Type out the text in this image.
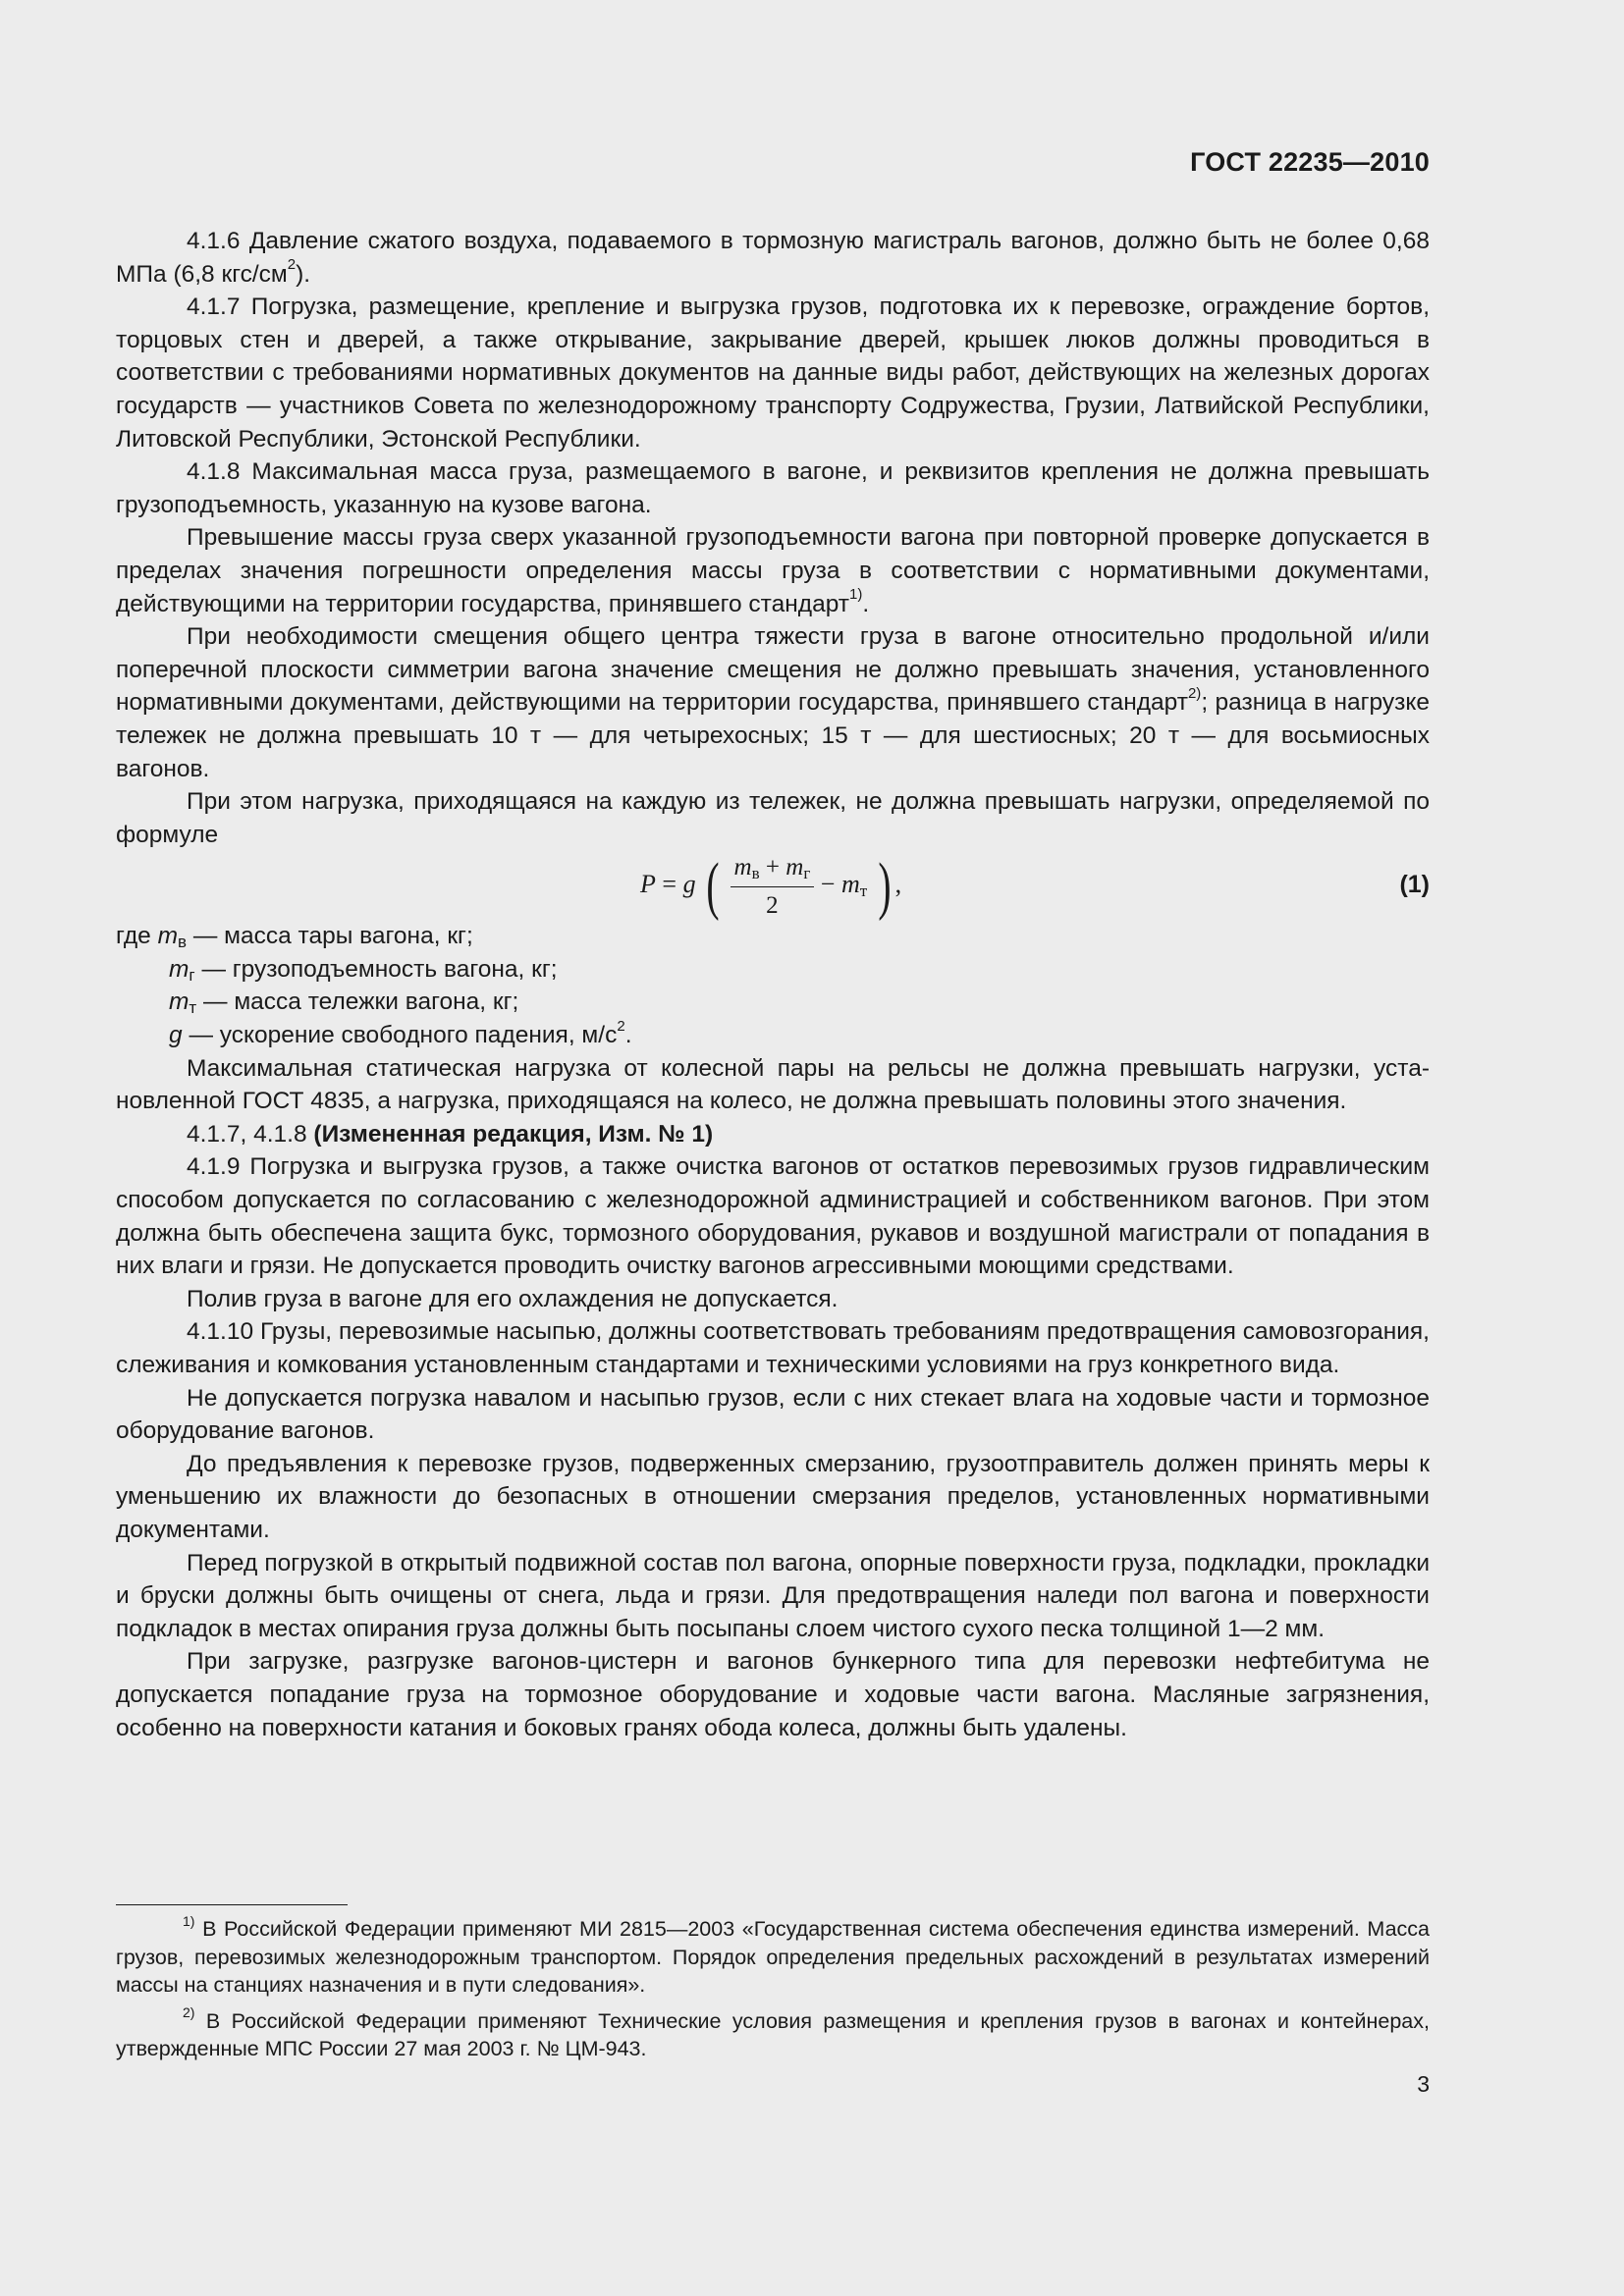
ГОСТ 22235—2010

4.1.6 Давление сжатого воздуха, подаваемого в тормозную магистраль вагонов, должно быть не более 0,68 МПа (6,8 кгс/$см^2$).

4.1.7 Погрузка, размещение, крепление и выгрузка грузов, подготовка их к перевозке, ограждение бортов, торцовых стен и дверей, а также открывание, закрывание дверей, крышек люков должны проводиться в соответствии с требованиями нормативных документов на данные виды работ, действующих на железных дорогах государств — участников Совета по железнодорожному транспорту Содружества, Грузии, Латвийской Республики, Литовской Республики, Эстонской Республики.

4.1.8 Максимальная масса груза, размещаемого в вагоне, и реквизитов крепления не должна превышать грузоподъемность, указанную на кузове вагона.

Превышение массы груза сверх указанной грузоподъемности вагона при повторной проверке допускается в пределах значения погрешности определения массы груза в соответствии с нормативными документами, действующими на территории государства, принявшего стандарт$^{1)}$.

При необходимости смещения общего центра тяжести груза в вагоне относительно продольной и/или поперечной плоскости симметрии вагона значение смещения не должно превышать значения, установленного нормативными документами, действующими на территории государства, принявшего стандарт$^{2)}$; разница в нагрузке тележек не должна превышать 10 т — для четырехосных; 15 т — для шестиосных; 20 т — для восьмиосных вагонов.

При этом нагрузка, приходящаяся на каждую из тележек, не должна превышать нагрузки, определяемой по формуле

P = g ( $\frac{m_в + m_г}{2} - m_т$ ) ,	(1)
где $m_в$ — масса тары вагона, кг;
$m_г$ — грузоподъемность вагона, кг;
$m_т$ — масса тележки вагона, кг;
g — ускорение свободного падения, $м/с^2$.

Максимальная статическая нагрузка от колесной пары на рельсы не должна превышать нагрузки, установленной ГОСТ 4835, а нагрузка, приходящаяся на колесо, не должна превышать половины этого значения.

4.1.7, 4.1.8 (Измененная редакция, Изм. № 1)

4.1.9 Погрузка и выгрузка грузов, а также очистка вагонов от остатков перевозимых грузов гидравлическим способом допускается по согласованию с железнодорожной администрацией и собственником вагонов. При этом должна быть обеспечена защита букс, тормозного оборудования, рукавов и воздушной магистрали от попадания в них влаги и грязи. Не допускается проводить очистку вагонов агрессивными моющими средствами.

Полив груза в вагоне для его охлаждения не допускается.

4.1.10 Грузы, перевозимые насыпью, должны соответствовать требованиям предотвращения самовозгорания, слеживания и комкования установленным стандартами и техническими условиями на груз конкретного вида.

Не допускается погрузка навалом и насыпью грузов, если с них стекает влага на ходовые части и тормозное оборудование вагонов.

До предъявления к перевозке грузов, подверженных смерзанию, грузоотправитель должен принять меры к уменьшению их влажности до безопасных в отношении смерзания пределов, установленных нормативными документами.

Перед погрузкой в открытый подвижной состав пол вагона, опорные поверхности груза, подкладки, прокладки и бруски должны быть очищены от снега, льда и грязи. Для предотвращения наледи пол вагона и поверхности подкладок в местах опирания груза должны быть посыпаны слоем чистого сухого песка толщиной 1—2 мм.

При загрузке, разгрузке вагонов-цистерн и вагонов бункерного типа для перевозки нефтебитума не допускается попадание груза на тормозное оборудование и ходовые части вагона. Масляные загрязнения, особенно на поверхности катания и боковых гранях обода колеса, должны быть удалены.

$^{1)}$ В Российской Федерации применяют МИ 2815—2003 «Государственная система обеспечения единства измерений. Масса грузов, перевозимых железнодорожным транспортом. Порядок определения предельных расхождений в результатах измерений массы на станциях назначения и в пути следования».

$^{2)}$ В Российской Федерации применяют Технические условия размещения и крепления грузов в вагонах и контейнерах, утвержденные МПС России 27 мая 2003 г. № ЦМ-943.

3
